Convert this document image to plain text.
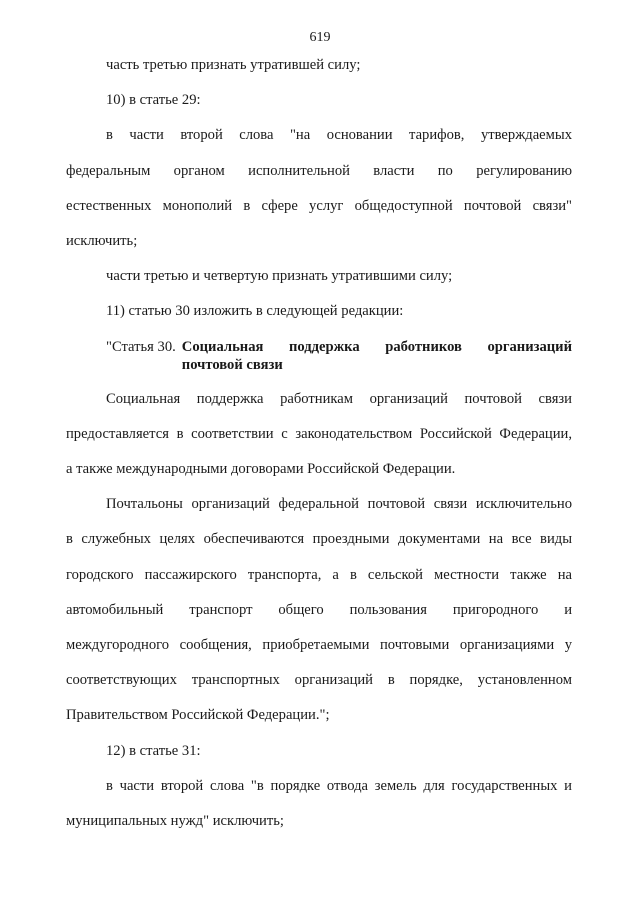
619

часть третью признать утратившей силу;

10) в статье 29:

в части второй слова "на основании тарифов, утверждаемых

федеральным органом исполнительной власти по регулированию

естественных монополий в сфере услуг общедоступной почтовой связи"

исключить;

части третью и четвертую признать утратившими силу;

11) статью 30 изложить в следующей редакции:

"Статья 30. Социальная поддержка работников организаций
почтовой связи

Социальная поддержка работникам организаций почтовой связи

предоставляется в соответствии с законодательством Российской Федерации,

а также международными договорами Российской Федерации.

Почтальоны организаций федеральной почтовой связи исключительно

в служебных целях обеспечиваются проездными документами на все виды

городского пассажирского транспорта, а в сельской местности также на

автомобильный транспорт общего пользования пригородного и

междугородного сообщения, приобретаемыми почтовыми организациями у

соответствующих транспортных организаций в порядке, установленном

Правительством Российской Федерации.";

12) в статье 31:

в части второй слова "в порядке отвода земель для государственных и

муниципальных нужд" исключить;
